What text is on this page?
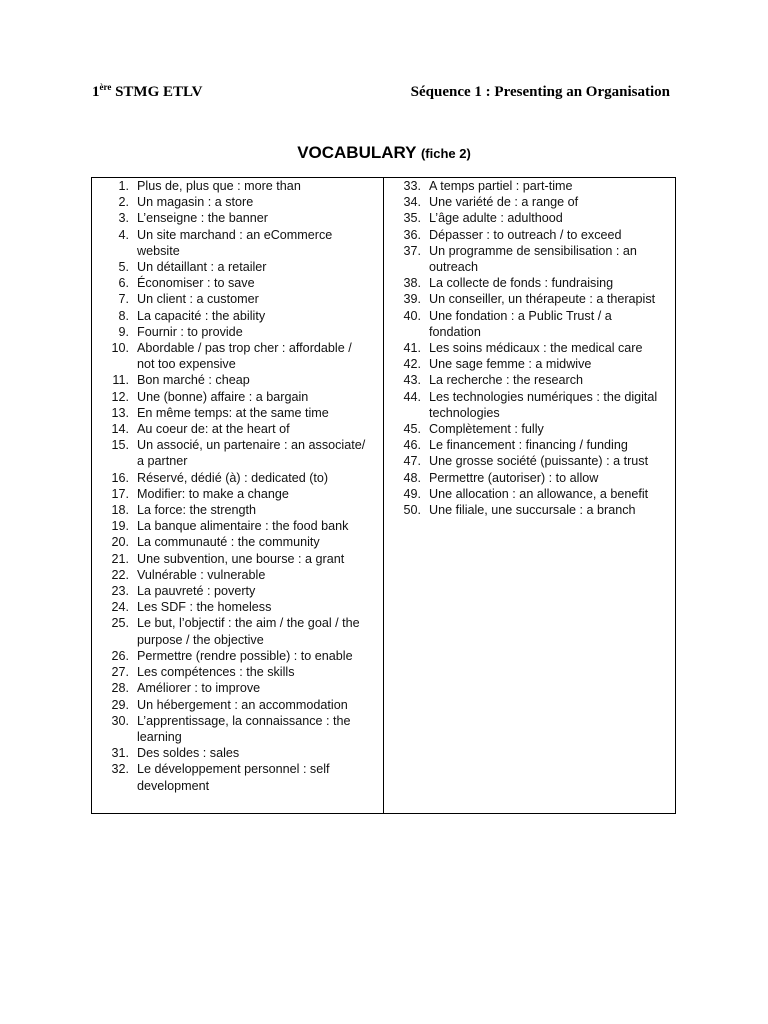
1ère STMG ETLV	Séquence 1 : Presenting an Organisation
VOCABULARY (fiche 2)
1. Plus de, plus que : more than
2. Un magasin : a store
3. L’enseigne : the banner
4. Un site marchand : an eCommerce website
5. Un détaillant : a retailer
6. Économiser : to save
7. Un client : a customer
8. La capacité : the ability
9. Fournir : to provide
10. Abordable / pas trop cher : affordable / not too expensive
11. Bon marché : cheap
12. Une (bonne) affaire : a bargain
13. En même temps: at the same time
14. Au coeur de: at the heart of
15. Un associé, un partenaire : an associate/ a partner
16. Réservé, dédié (à) : dedicated (to)
17. Modifier: to make a change
18. La force: the strength
19. La banque alimentaire : the food bank
20. La communauté : the community
21. Une subvention, une bourse : a grant
22. Vulnérable : vulnerable
23. La pauvreté : poverty
24. Les SDF : the homeless
25. Le but, l’objectif : the aim / the goal / the purpose / the objective
26. Permettre (rendre possible) : to enable
27. Les compétences : the skills
28. Améliorer : to improve
29. Un hébergement : an accommodation
30. L’apprentissage, la connaissance : the learning
31. Des soldes : sales
32. Le développement personnel : self development
33. A temps partiel : part-time
34. Une variété de : a range of
35. L’âge adulte : adulthood
36. Dépasser : to outreach / to exceed
37. Un programme de sensibilisation : an outreach
38. La collecte de fonds : fundraising
39. Un conseiller, un thérapeute : a therapist
40. Une fondation : a Public Trust / a fondation
41. Les soins médicaux : the medical care
42. Une sage femme : a midwive
43. La recherche : the research
44. Les technologies numériques : the digital technologies
45. Complètement : fully
46. Le financement : financing / funding
47. Une grosse société (puissante) : a trust
48. Permettre (autoriser) : to allow
49. Une allocation : an allowance, a benefit
50. Une filiale, une succursale : a branch
